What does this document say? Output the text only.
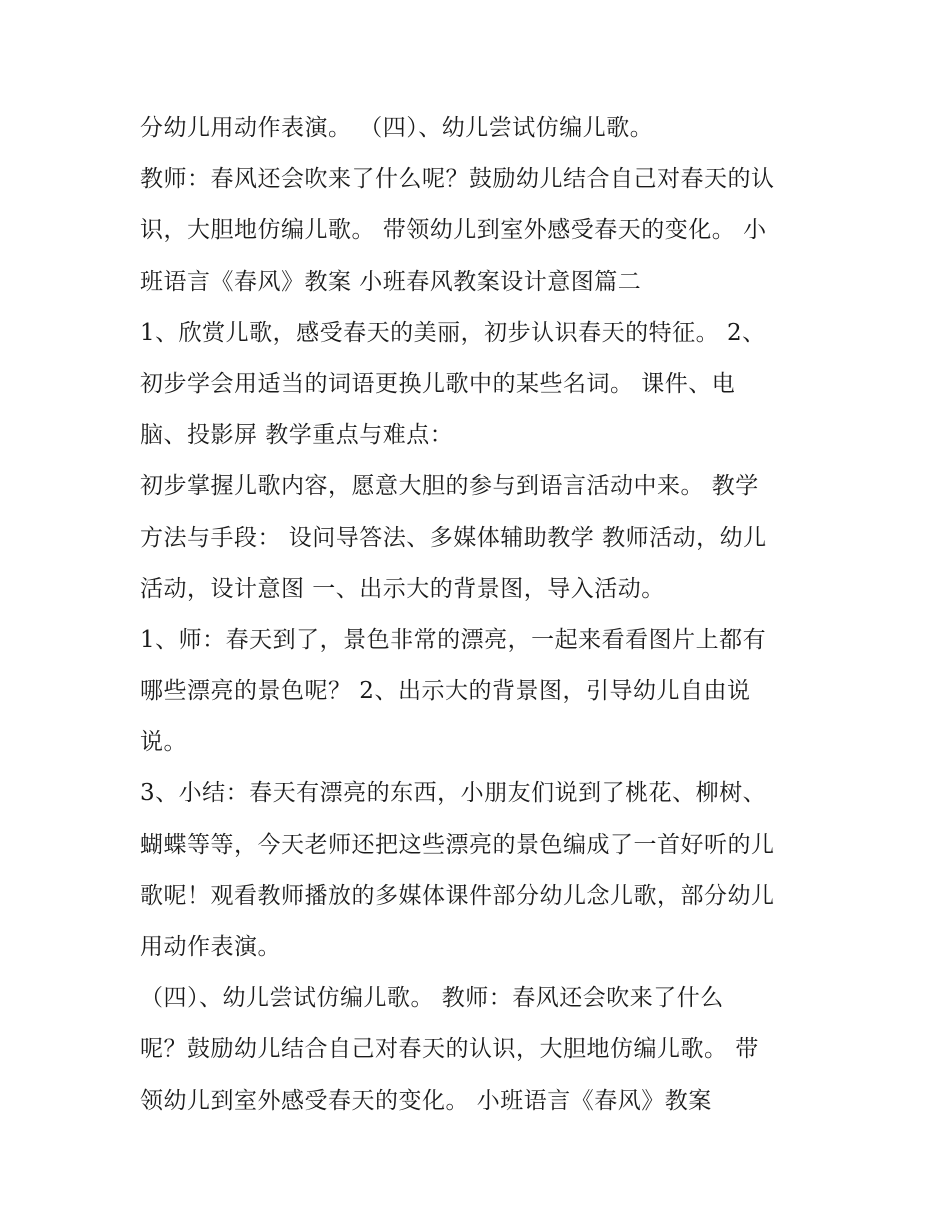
分幼儿用动作表演。 （四）、幼儿尝试仿编儿歌。
教师：春风还会吹来了什么呢？鼓励幼儿结合自己对春天的认
识，大胆地仿编儿歌。 带领幼儿到室外感受春天的变化。 小
班语言《春风》教案 小班春风教案设计意图篇二
1、欣赏儿歌，感受春天的美丽，初步认识春天的特征。 2、
初步学会用适当的词语更换儿歌中的某些名词。 课件、电
脑、投影屏 教学重点与难点：
初步掌握儿歌内容，愿意大胆的参与到语言活动中来。 教学
方法与手段： 设问导答法、多媒体辅助教学 教师活动，幼儿
活动，设计意图 一、出示大的背景图，导入活动。
1、师：春天到了，景色非常的漂亮，一起来看看图片上都有
哪些漂亮的景色呢？ 2、出示大的背景图，引导幼儿自由说
说。
3、小结：春天有漂亮的东西，小朋友们说到了桃花、柳树、
蝴蝶等等，今天老师还把这些漂亮的景色编成了一首好听的儿
歌呢！观看教师播放的多媒体课件部分幼儿念儿歌，部分幼儿
用动作表演。
（四）、幼儿尝试仿编儿歌。 教师：春风还会吹来了什么
呢？鼓励幼儿结合自己对春天的认识，大胆地仿编儿歌。 带
领幼儿到室外感受春天的变化。 小班语言《春风》教案
